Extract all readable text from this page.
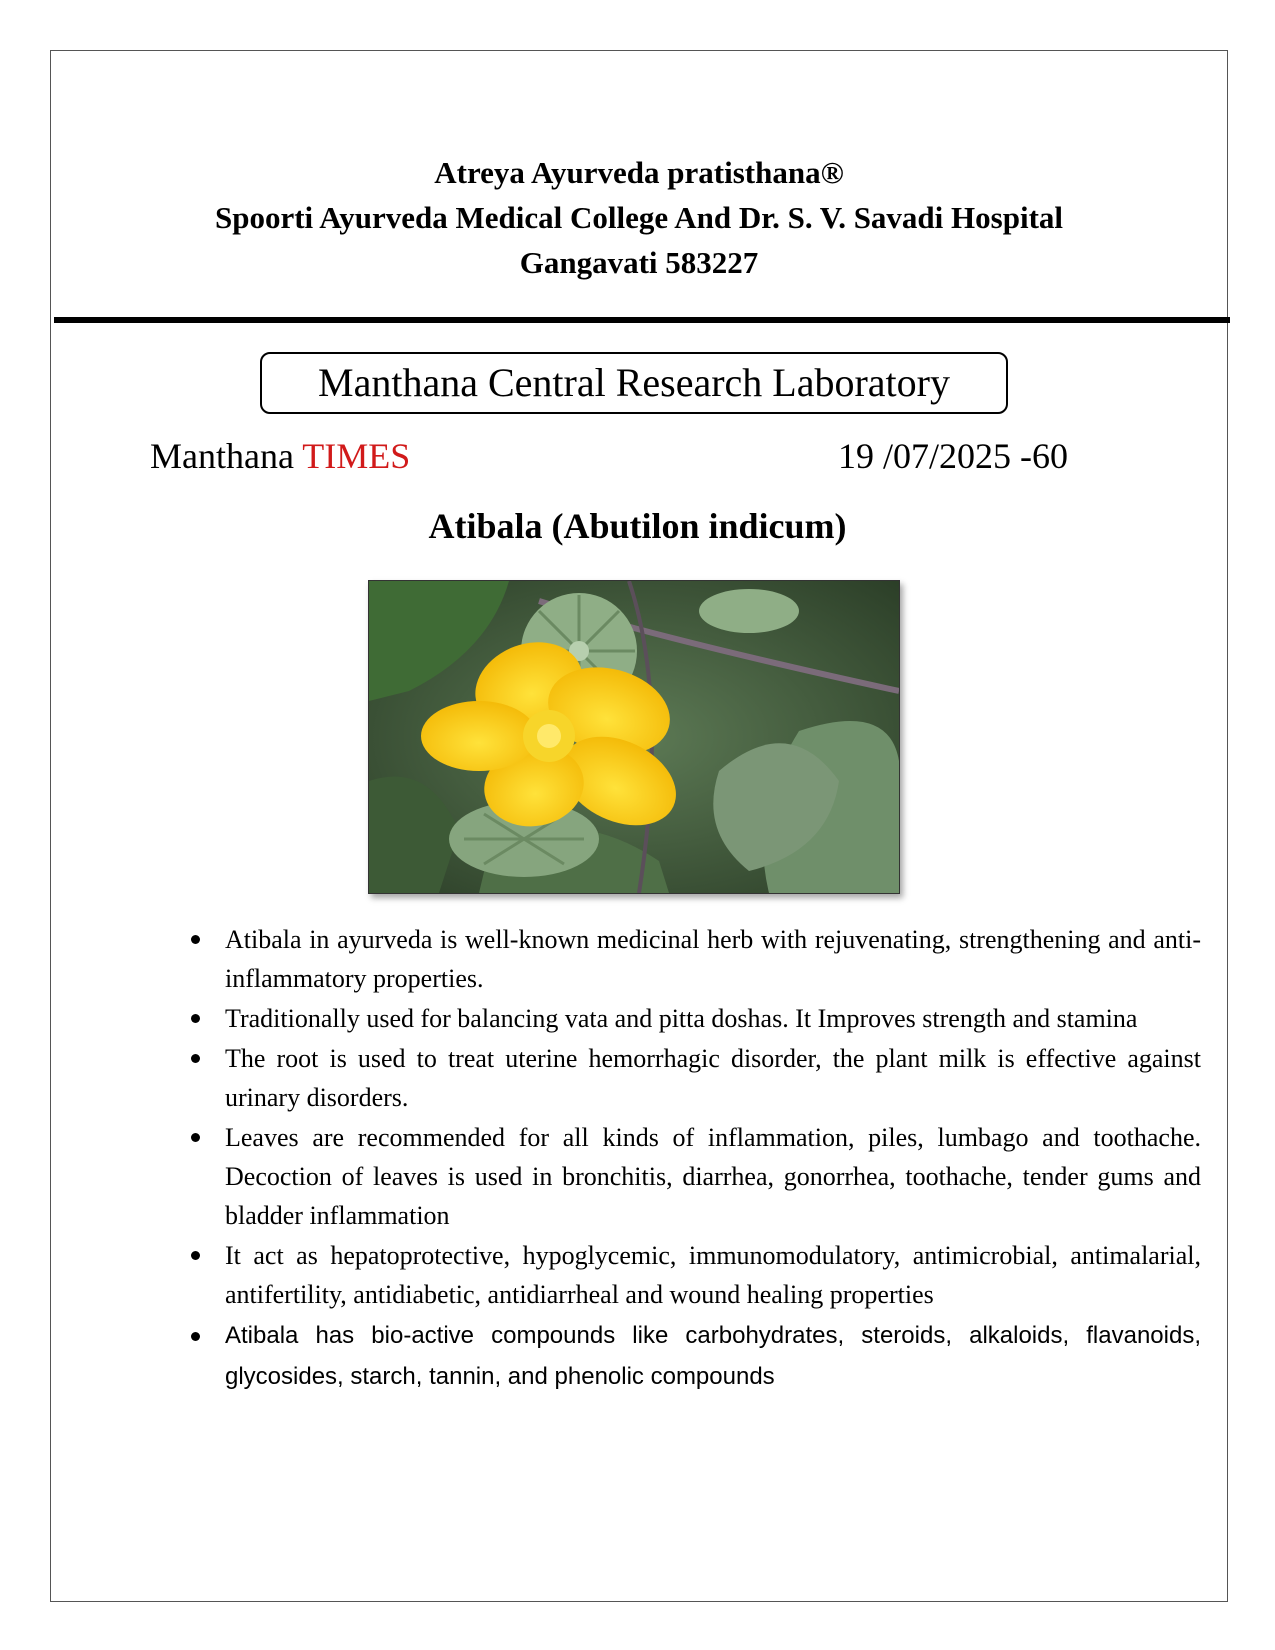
Atreya Ayurveda pratisthana®
Spoorti Ayurveda Medical College And Dr. S. V. Savadi Hospital
Gangavati 583227
Manthana Central Research Laboratory
Manthana TIMES	19 /07/2025 -60
Atibala (Abutilon indicum)
Atibala in ayurveda is well-known medicinal herb with rejuvenating, strengthening and anti-inflammatory properties.
Traditionally used for balancing vata and pitta doshas. It Improves strength and stamina
The root is used to treat uterine hemorrhagic disorder, the plant milk is effective against urinary disorders.
Leaves are recommended for all kinds of inflammation, piles, lumbago and toothache. Decoction of leaves is used in bronchitis, diarrhea, gonorrhea, toothache, tender gums and bladder inflammation
It act as hepatoprotective, hypoglycemic, immunomodulatory, antimicrobial, antimalarial, antifertility, antidiabetic, antidiarrheal and wound healing properties
Atibala has bio-active compounds like carbohydrates, steroids, alkaloids, flavanoids, glycosides, starch, tannin, and phenolic compounds
